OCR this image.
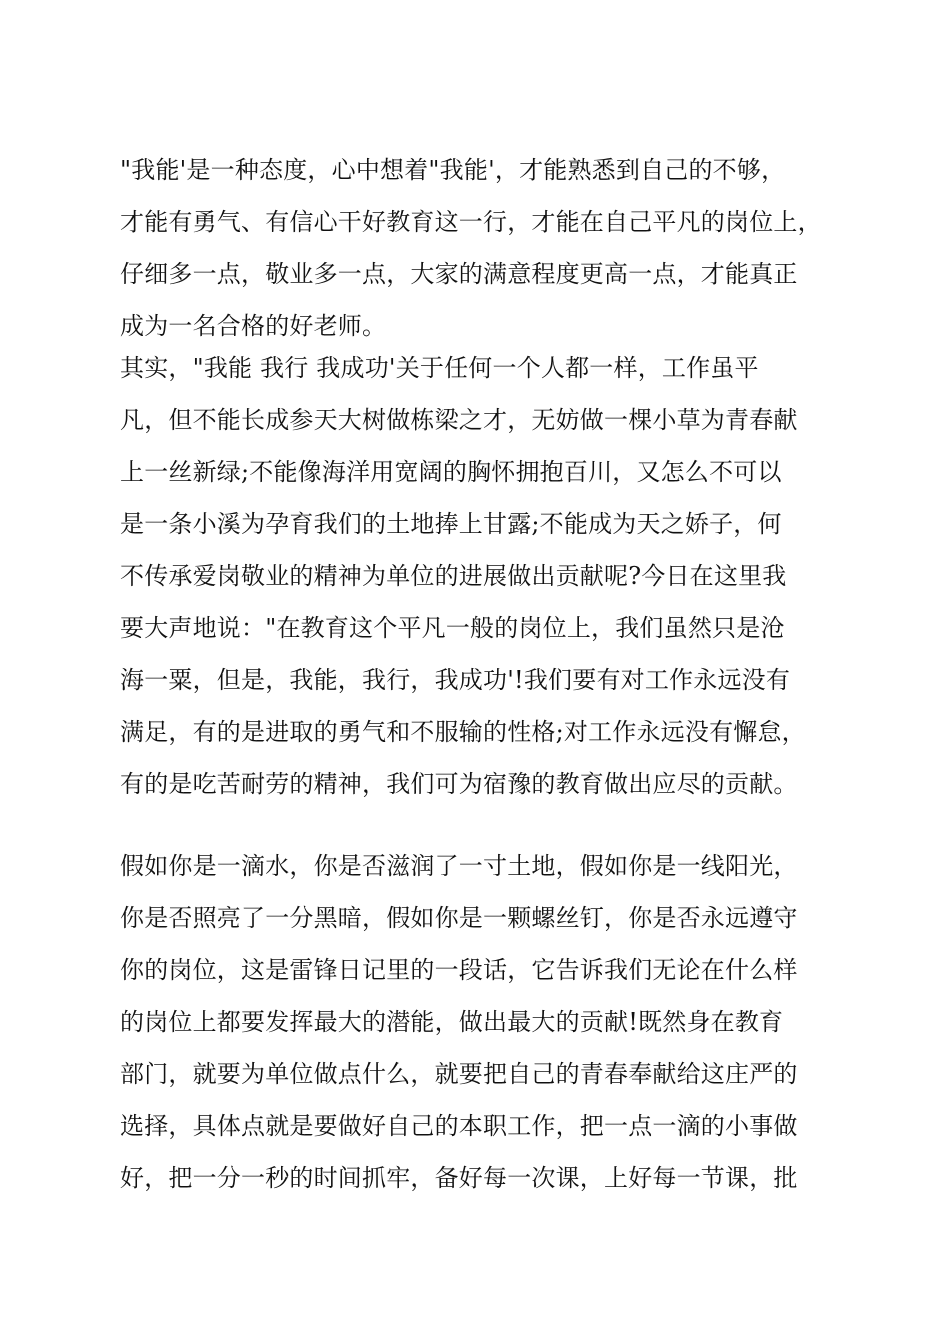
"我能'是一种态度，心中想着"我能'，才能熟悉到自己的不够，
才能有勇气、有信心干好教育这一行，才能在自己平凡的岗位上，
仔细多一点，敬业多一点，大家的满意程度更高一点，才能真正
成为一名合格的好老师。
其实，"我能 我行 我成功'关于任何一个人都一样，工作虽平
凡，但不能长成参天大树做栋梁之才，无妨做一棵小草为青春献
上一丝新绿;不能像海洋用宽阔的胸怀拥抱百川，又怎么不可以
是一条小溪为孕育我们的土地捧上甘露;不能成为天之娇子，何
不传承爱岗敬业的精神为单位的进展做出贡献呢?今日在这里我
要大声地说："在教育这个平凡一般的岗位上，我们虽然只是沧
海一粟，但是，我能，我行，我成功'!我们要有对工作永远没有
满足，有的是进取的勇气和不服输的性格;对工作永远没有懈怠，
有的是吃苦耐劳的精神，我们可为宿豫的教育做出应尽的贡献。
假如你是一滴水，你是否滋润了一寸土地，假如你是一线阳光，
你是否照亮了一分黑暗，假如你是一颗螺丝钉，你是否永远遵守
你的岗位，这是雷锋日记里的一段话，它告诉我们无论在什么样
的岗位上都要发挥最大的潜能，做出最大的贡献!既然身在教育
部门，就要为单位做点什么，就要把自己的青春奉献给这庄严的
选择，具体点就是要做好自己的本职工作，把一点一滴的小事做
好，把一分一秒的时间抓牢，备好每一次课，上好每一节课，批
